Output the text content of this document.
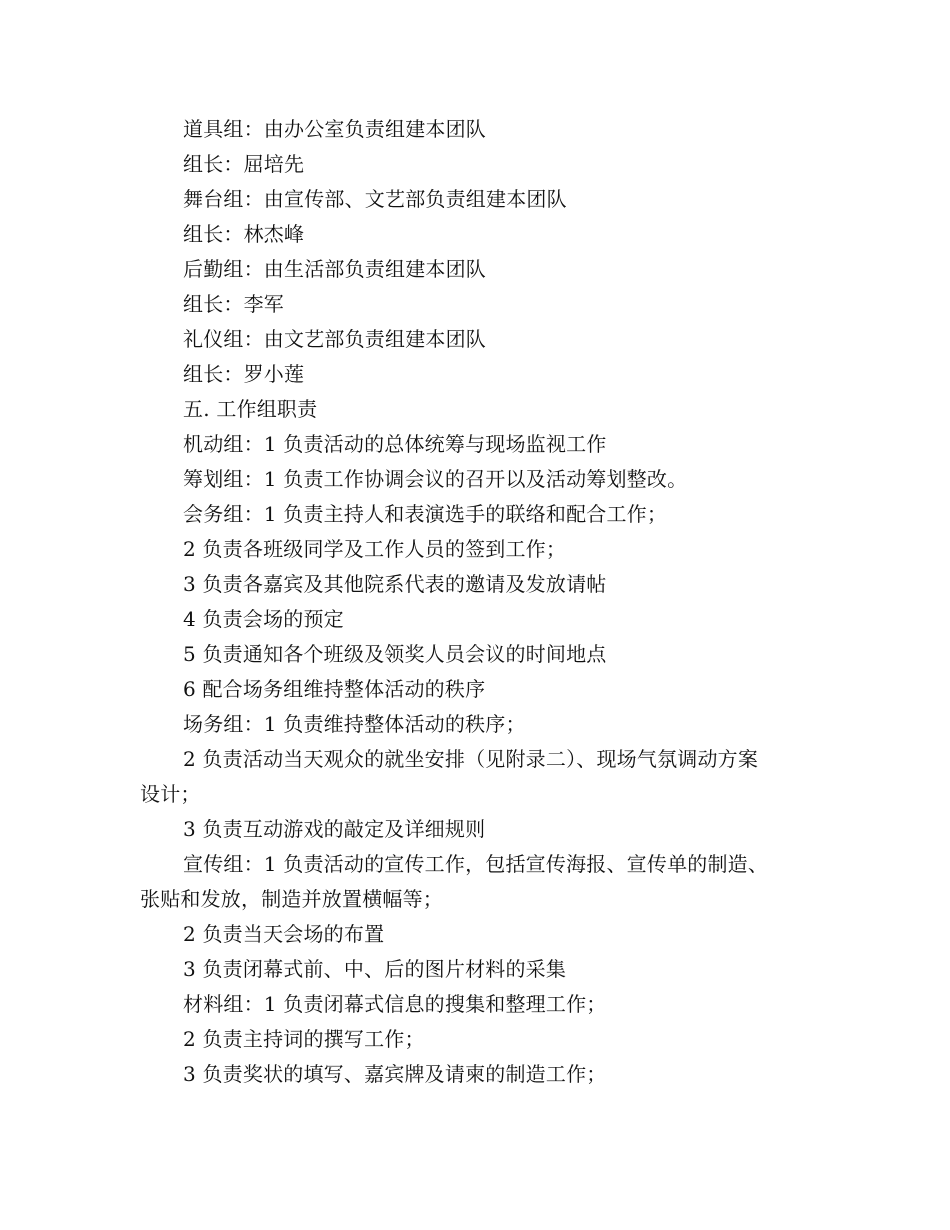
道具组：由办公室负责组建本团队
组长：屈培先
舞台组：由宣传部、文艺部负责组建本团队
组长：林杰峰
后勤组：由生活部负责组建本团队
组长：李军
礼仪组：由文艺部负责组建本团队
组长：罗小莲
五. 工作组职责
机动组：1 负责活动的总体统筹与现场监视工作
筹划组：1 负责工作协调会议的召开以及活动筹划整改。
会务组：1 负责主持人和表演选手的联络和配合工作；
2 负责各班级同学及工作人员的签到工作；
3 负责各嘉宾及其他院系代表的邀请及发放请帖
4 负责会场的预定
5 负责通知各个班级及领奖人员会议的时间地点
6 配合场务组维持整体活动的秩序
场务组：1 负责维持整体活动的秩序；
2 负责活动当天观众的就坐安排（见附录二）、现场气氛调动方案
设计；
3 负责互动游戏的敲定及详细规则
宣传组：1 负责活动的宣传工作，包括宣传海报、宣传单的制造、
张贴和发放，制造并放置横幅等；
2 负责当天会场的布置
3 负责闭幕式前、中、后的图片材料的采集
材料组：1 负责闭幕式信息的搜集和整理工作；
2 负责主持词的撰写工作；
3 负责奖状的填写、嘉宾牌及请柬的制造工作；
